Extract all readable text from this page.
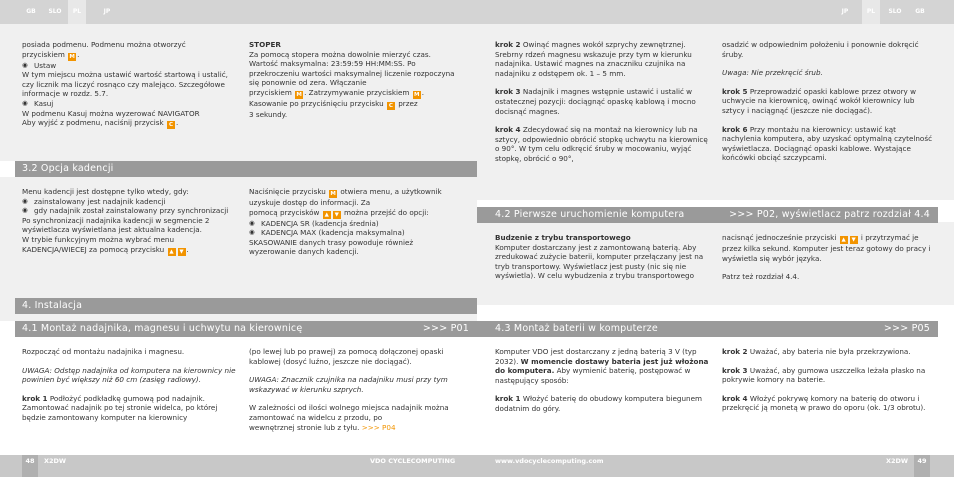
GB	SLO	PL	JP	JP	PL	SLO	GB
posiada podmenu. Podmenu można otworzyć
przyciskiem M .
◉ Ustaw
W tym miejscu można ustawić wartość startową i ustalić, czy licznik ma liczyć rosnąco czy malejąco. Szczegółowe informacje w rozdz. 5.7.
◉ Kasuj
W podmenu Kasuj można wyzerować NAVIGATOR
Aby wyjść z podmenu, naciśnij przycisk C .
STOPER
Za pomocą stopera można dowolnie mierzyć czas. Wartość maksymalna: 23:59:59 HH:MM:SS. Po przekroczeniu wartości maksymalnej liczenie rozpoczyna się ponownie od zera. Włączanie
przyciskiem M . Zatrzymywanie przyciskiem M .
Kasowanie po przyciśnięciu przycisku C przez
3 sekundy.
3.2 Opcja kadencji
Menu kadencji jest dostępne tylko wtedy, gdy:
◉ zainstalowany jest nadajnik kadencji
◉ gdy nadajnik został zainstalowany przy synchronizacji
Po synchronizacji nadajnika kadencji w segmencie 2 wyświetlacza wyświetlana jest aktualna kadencja.
W trybie funkcyjnym można wybrać menu
KADENCJA/WIECEJ za pomocą przycisku ▲ ▼ .
Naciśnięcie przycisku M otwiera menu, a użytkownik uzyskuje dostęp do informacji. Za
pomocą przycisków ▲ ▼ można przejść do opcji:
◉ KADENCJA SR (kadencja średnia)
◉ KADENCJA MAX (kadencja maksymalna)
SKASOWANIE danych trasy powoduje również wyzerowanie danych kadencji.
4. Instalacja
4.1 Montaż nadajnika, magnesu i uchwytu na kierownicę	>>> P01
Rozpocząć od montażu nadajnika i magnesu.
UWAGA: Odstęp nadajnika od komputera na kierownicy nie powinien być większy niż 60 cm (zasięg radiowy).
krok 1 Podłożyć podkładkę gumową pod nadajnik. Zamontować nadajnik po tej stronie widelca, po której będzie zamontowany komputer na kierownicy
(po lewej lub po prawej) za pomocą dołączonej opaski kablowej (dosyć luźno, jeszcze nie dociągać).
UWAGA: Znacznik czujnika na nadajniku musi przy tym wskazywać w kierunku szprych.
W zależności od ilości wolnego miejsca nadajnik można zamontować na widelcu z przodu, po
wewnętrznej stronie lub z tyłu. >>> P04
krok 2 Owinąć magnes wokół szprychy zewnętrznej. Srebrny rdzeń magnesu wskazuje przy tym w kierunku nadajnika. Ustawić magnes na znaczniku czujnika na nadajniku z odstępem ok. 1 – 5 mm.
krok 3 Nadajnik i magnes wstępnie ustawić i ustalić w ostatecznej pozycji: dociągnąć opaskę kablową i mocno docisnąć magnes.
krok 4 Zdecydować się na montaż na kierownicy lub na sztycy, odpowiednio obrócić stopkę uchwytu na kierownicę o 90°. W tym celu odkręcić śruby w mocowaniu, wyjąć stopkę, obrócić o 90°,
osadzić w odpowiednim położeniu i ponownie dokręcić śruby.
Uwaga: Nie przekręcić śrub.
krok 5 Przeprowadzić opaski kablowe przez otwory w uchwycie na kierownicę, owinąć wokół kierownicy lub sztycy i naciągnąć (jeszcze nie dociągać).
krok 6 Przy montażu na kierownicy: ustawić kąt nachylenia komputera, aby uzyskać optymalną czytelność wyświetlacza. Dociągnąć opaski kablowe. Wystające końcówki obciąć szczypcami.
4.2 Pierwsze uruchomienie komputera	>>> P02, wyświetlacz patrz rozdział 4.4
Budzenie z trybu transportowego
Komputer dostarczany jest z zamontowaną baterią. Aby zredukować zużycie baterii, komputer przełączany jest na tryb transportowy. Wyświetlacz jest pusty (nic się nie wyświetla). W celu wybudzenia z trybu transportowego
nacisnąć jednocześnie przyciski ▲ ▼ i przytrzymać je przez kilka sekund. Komputer jest teraz gotowy do pracy i wyświetla się wybór języka.
Patrz też rozdział 4.4.
4.3 Montaż baterii w komputerze	>>> P05
Komputer VDO jest dostarczany z jedną baterią 3 V (typ 2032). W momencie dostawy bateria jest już włożona do komputera. Aby wymienić baterię, postępować w następujący sposób:
krok 1 Włożyć baterię do obudowy komputera biegunem dodatnim do góry.
krok 2 Uważać, aby bateria nie była przekrzywiona.
krok 3 Uważać, aby gumowa uszczelka leżała płasko na pokrywie komory na baterie.
krok 4 Włożyć pokrywę komory na baterię do otworu i przekręcić ją monetą w prawo do oporu (ok. 1/3 obrotu).
48	X2DW	VDO CYCLECOMPUTING	www.vdocyclecomputing.com	X2DW	49
